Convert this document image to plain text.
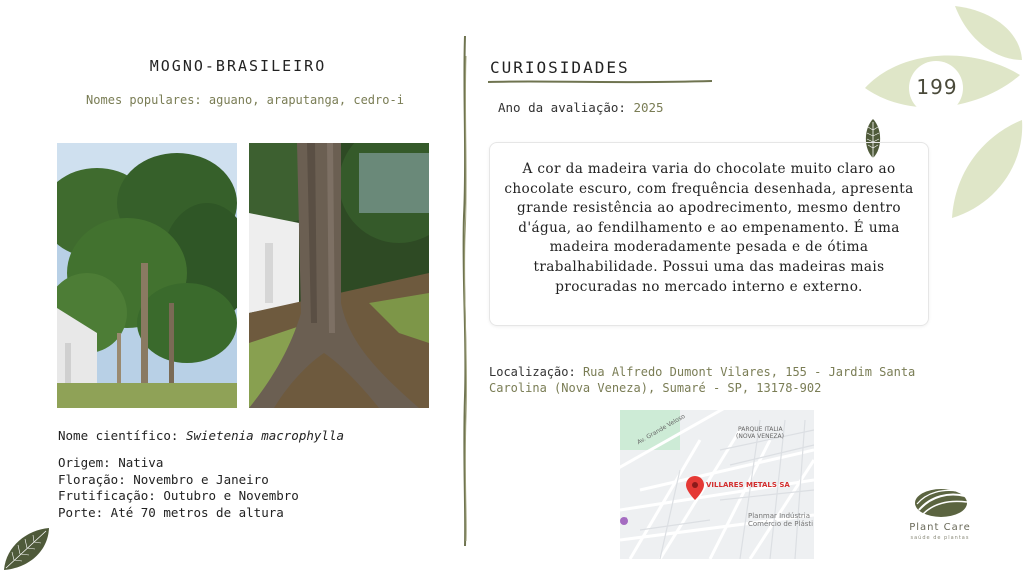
199
MOGNO-BRASILEIRO
Nomes populares: aguano, araputanga, cedro-i
Nome científico: Swietenia macrophylla
Origem: Nativa
Floração: Novembro e Janeiro
Frutificação: Outubro e Novembro
Porte: Até 70 metros de altura
CURIOSIDADES
Ano da avaliação: 2025

A cor da madeira varia do chocolate muito claro ao chocolate escuro, com frequência desenhada, apresenta grande resistência ao apodrecimento, mesmo dentro d'água, ao fendilhamento e ao empenamento. É uma madeira moderadamente pesada e de ótima trabalhabilidade. Possui uma das madeiras mais procuradas no mercado interno e externo.

Localização: Rua Alfredo Dumont Vilares, 155 - Jardim Santa Carolina (Nova Veneza), Sumaré - SP, 13178-902
Av. Grande Veloso	PARQUE ITALIA
(NOVA VENEZA)
VILLARES METALS SA
Planmar Indústria
Comércio de Plásti
sil
Plant Care
saúde de plantas
